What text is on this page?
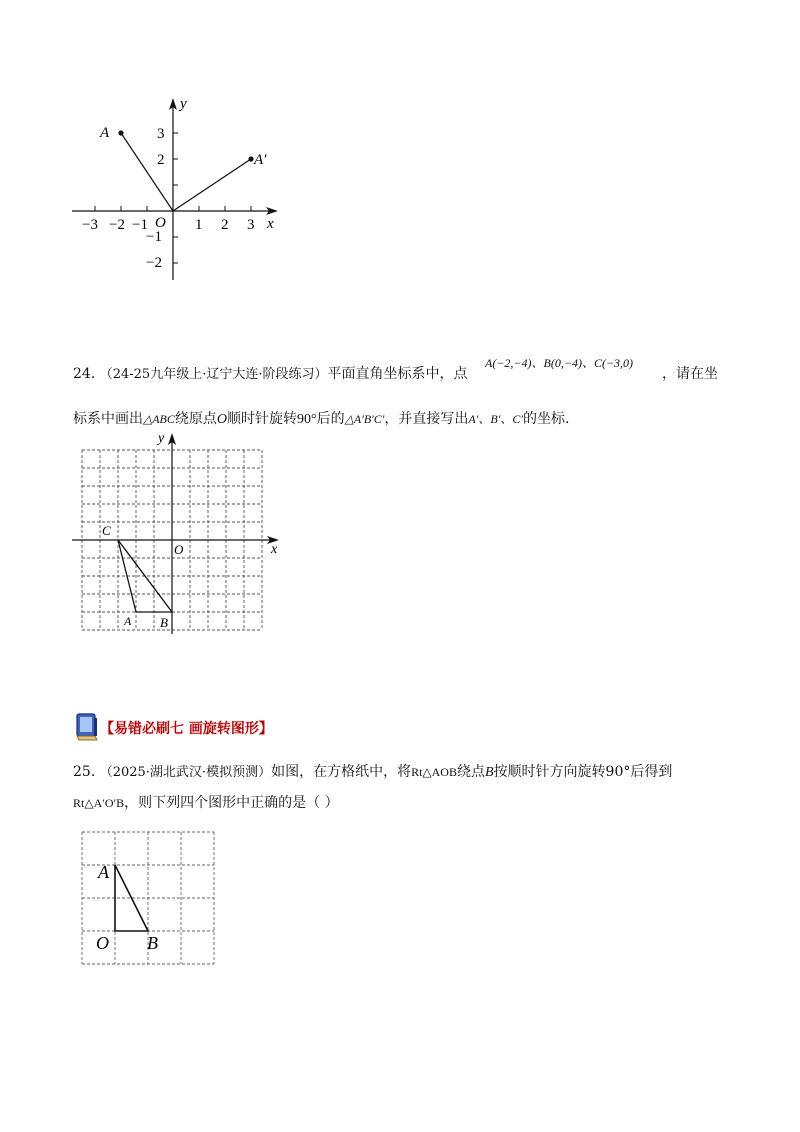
y
x
O
A
A′
−3 −2 −1	1 2 3
3
2
−1
−2
24. （24-25九年级上·辽宁大连·阶段练习）平面直角坐标系中，点
A(−2,−4)、B(0,−4)、C(−3,0)
，请在坐
标系中画出△ABC绕原点O顺时针旋转90°后的△A′B′C′，并直接写出A′、B′、C′的坐标.
y
x
O
C
A B
【易错必刷七 画旋转图形】
25. （2025·湖北武汉·模拟预测）如图，在方格纸中，将Rt△AOB绕点B按顺时针方向旋转90°后得到
Rt△A′O′B，则下列四个图形中正确的是（ ）
A
O B
